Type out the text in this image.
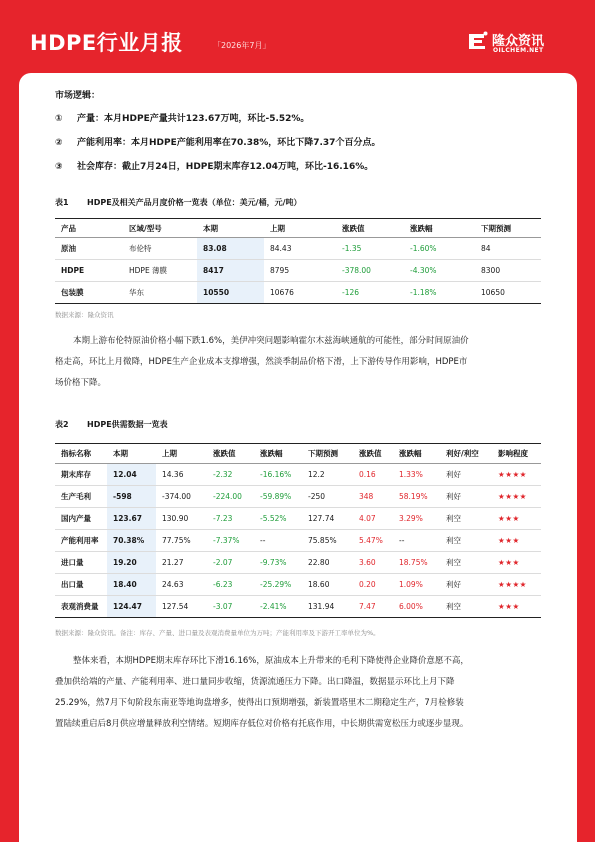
HDPE行业月报	「2026年7月」	隆众资讯
OILCHEM.NET
市场逻辑：
① 产量：本月HDPE产量共计123.67万吨，环比-5.52%。
② 产能利用率：本月HDPE产能利用率在70.38%，环比下降7.37个百分点。
③ 社会库存：截止7月24日，HDPE期末库存12.04万吨，环比-16.16%。
表1 HDPE及相关产品月度价格一览表（单位：美元/桶，元/吨）
产品	区域/型号	本期	上期	涨跌值	涨跌幅	下期预测
原油	布伦特	83.08	84.43	-1.35	-1.60%	84
HDPE	HDPE 薄膜	8417	8795	-378.00	-4.30%	8300
包装膜	华东	10550	10676	-126	-1.18%	10650
数据来源：隆众资讯
本期上游布伦特原油价格小幅下跌1.6%，美伊冲突问题影响霍尔木兹海峡通航的可能性，部分时间原油价
格走高，环比上月微降，HDPE生产企业成本支撑增强，然淡季制品价格下滑，上下游传导作用影响，HDPE市
场价格下降。
表2 HDPE供需数据一览表
指标名称	本期	上期	涨跌值	涨跌幅	下期预测	涨跌值	涨跌幅	利好/利空	影响程度
期末库存	12.04	14.36	-2.32	-16.16%	12.2	0.16	1.33%	利好	★★★★
生产毛利	-598	-374.00	-224.00	-59.89%	-250	348	58.19%	利好	★★★★
国内产量	123.67	130.90	-7.23	-5.52%	127.74	4.07	3.29%	利空	★★★
产能利用率	70.38%	77.75%	-7.37%	--	75.85%	5.47%	--	利空	★★★
进口量	19.20	21.27	-2.07	-9.73%	22.80	3.60	18.75%	利空	★★★
出口量	18.40	24.63	-6.23	-25.29%	18.60	0.20	1.09%	利好	★★★★
表观消费量	124.47	127.54	-3.07	-2.41%	131.94	7.47	6.00%	利空	★★★
数据来源：隆众资讯。备注：库存、产量、进口量及表观消费量单位为万吨；产能利用率及下游开工率单位为%。
整体来看，本期HDPE期末库存环比下滑16.16%，原油成本上升带来的毛利下降使得企业降价意愿不高，
叠加供给端的产量、产能利用率、进口量同步收缩，货源流通压力下降。出口降温，数据显示环比上月下降
25.29%，然7月下旬阶段东南亚等地询盘增多，使得出口预期增强，新装置塔里木二期稳定生产，7月检修装
置陆续重启后8月供应增量释放利空情绪。短期库存低位对价格有托底作用，中长期供需宽松压力或逐步显现。
